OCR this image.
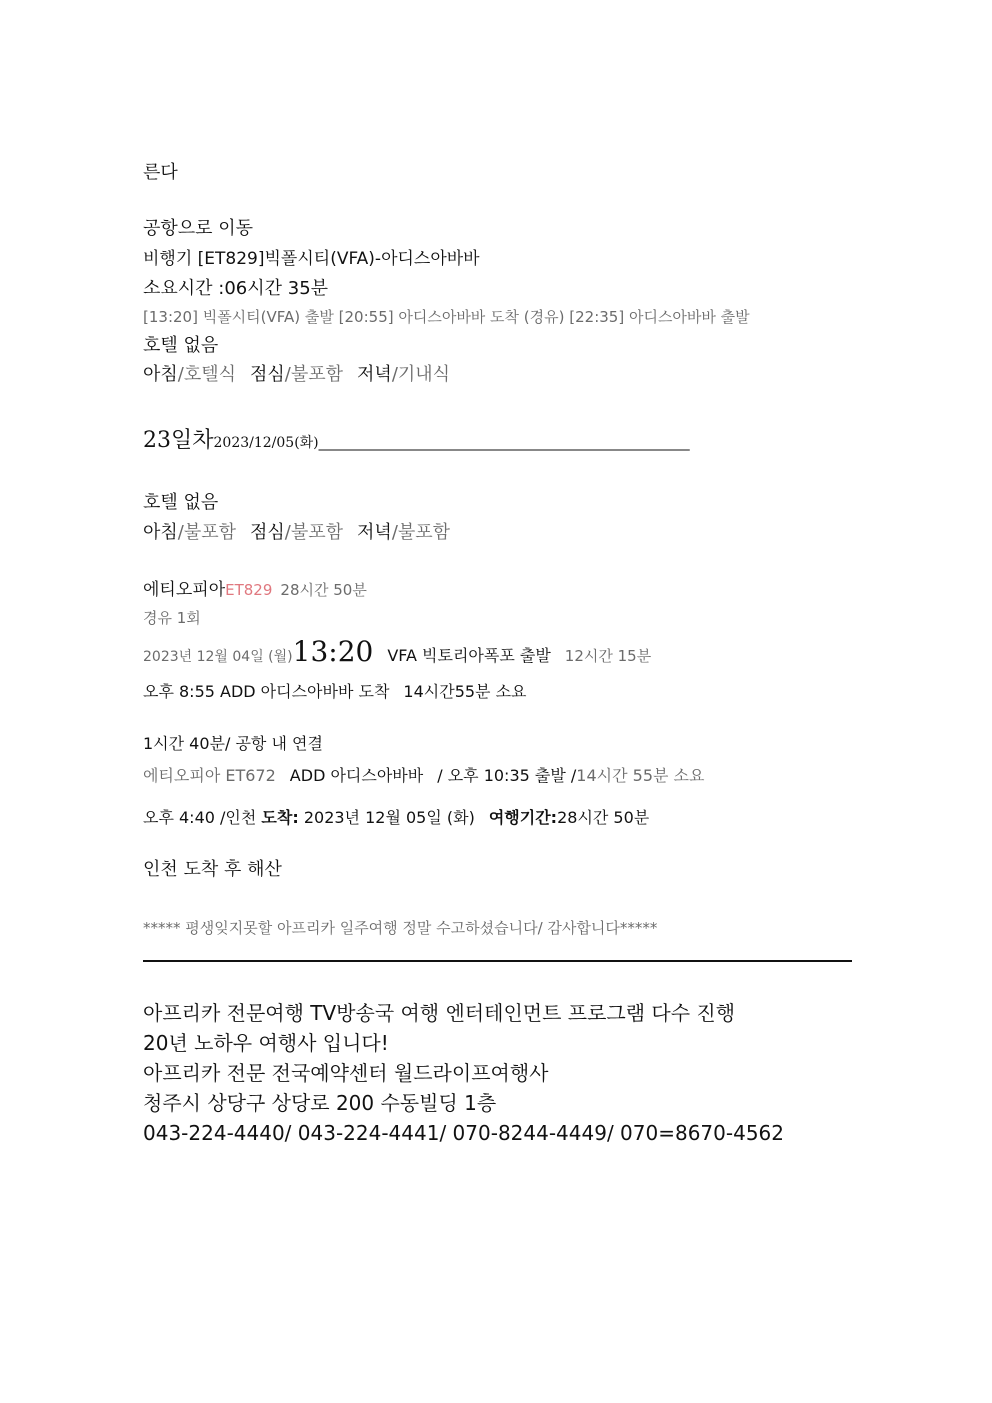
른다
공항으로 이동
비행기 [ET829]빅폴시티(VFA)-아디스아바바
소요시간 :06시간 35분
[13:20] 빅폴시티(VFA) 출발 [20:55] 아디스아바바 도착 (경유) [22:35] 아디스아바바 출발
호텔 없음
아침/호텔식 점심/불포함 저녁/기내식
23일차2023/12/05(화)_____________________________________________________
호텔 없음
아침/불포함 점심/불포함 저녁/불포함
에티오피아ET829 28시간 50분
경유 1회
2023년 12월 04일 (월)13:20 VFA 빅토리아폭포 출발 12시간 15분
오후 8:55 ADD 아디스아바바 도착 14시간55분 소요
1시간 40분/ 공항 내 연결
에티오피아 ET672 ADD 아디스아바바 / 오후 10:35 출발 /14시간 55분 소요
오후 4:40 /인천 도착: 2023년 12월 05일 (화) 여행기간:28시간 50분
인천 도착 후 해산
***** 평생잊지못할 아프리카 일주여행 정말 수고하셨습니다/ 감사합니다*****
아프리카 전문여행 TV방송국 여행 엔터테인먼트 프로그램 다수 진행
20년 노하우 여행사 입니다!
아프리카 전문 전국예약센터 월드라이프여행사
청주시 상당구 상당로 200 수동빌딩 1층
043-224-4440/ 043-224-4441/ 070-8244-4449/ 070=8670-4562
